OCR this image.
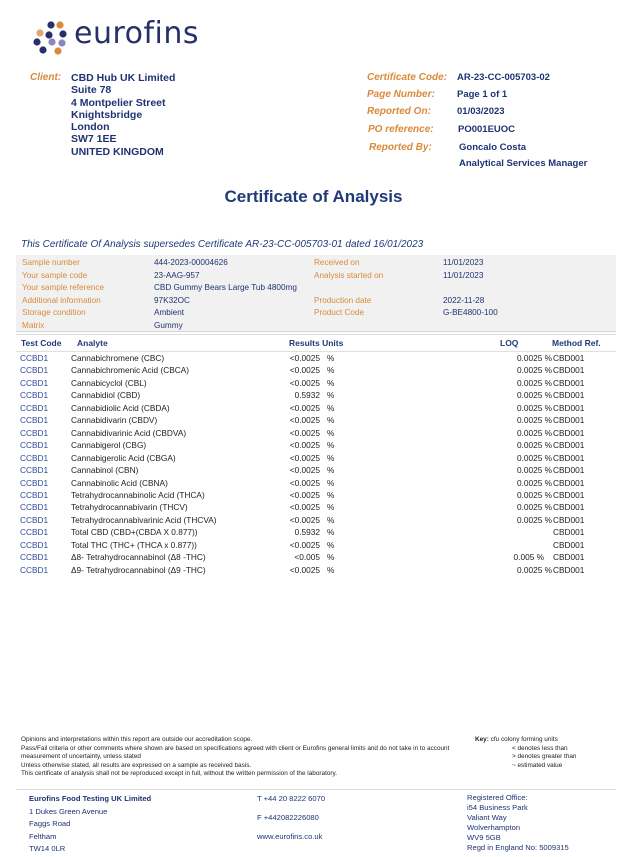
eurofins
Client: CBD Hub UK Limited
Suite 78
4 Montpelier Street
Knightsbridge
London
SW7 1EE
UNITED KINGDOM
Certificate Code: AR-23-CC-005703-02
Page Number: Page 1 of 1
Reported On:	01/03/2023
PO reference:	PO001EUOC
Reported By:	Goncalo Costa
Analytical Services Manager
Certificate of Analysis
This Certificate Of Analysis supersedes Certificate AR-23-CC-005703-01 dated 16/01/2023
Sample number	444-2023-00004626
Your sample code	23-AAG-957
Your sample reference	CBD Gummy Bears Large Tub 4800mg
Additional information	97K32OC
Storage condition	Ambient
Matrix	Gummy
Received on	11/01/2023
Analysis started on	11/01/2023
Production date	2022-11-28
Product Code	G-BE4800-100
Test Code Analyte	Results Units	LOQ	Method Ref.
CCBD1	Cannabichromene (CBC)	<0.0025 %	0.0025 % CBD001
CCBD1	Cannabichromenic Acid (CBCA)	<0.0025 %	0.0025 % CBD001
CCBD1	Cannabicyclol (CBL)	<0.0025 %	0.0025 % CBD001
CCBD1	Cannabidiol (CBD)	0.5932 %	0.0025 % CBD001
CCBD1	Cannabidiolic Acid (CBDA)	<0.0025 %	0.0025 % CBD001
CCBD1	Cannabidivarin (CBDV)	<0.0025 %	0.0025 % CBD001
CCBD1	Cannabidivarinic Acid (CBDVA)	<0.0025 %	0.0025 % CBD001
CCBD1	Cannabigerol (CBG)	<0.0025 %	0.0025 % CBD001
CCBD1	Cannabigerolic Acid (CBGA)	<0.0025 %	0.0025 % CBD001
CCBD1	Cannabinol (CBN)	<0.0025 %	0.0025 % CBD001
CCBD1	Cannabinolic Acid (CBNA)	<0.0025 %	0.0025 % CBD001
CCBD1	Tetrahydrocannabinolic Acid (THCA)	<0.0025 %	0.0025 % CBD001
CCBD1	Tetrahydrocannabivarin (THCV)	<0.0025 %	0.0025 % CBD001
CCBD1	Tetrahydrocannabivarinic Acid (THCVA)	<0.0025 %	0.0025 % CBD001
CCBD1	Total CBD (CBD+(CBDA X 0.877))	0.5932 %	CBD001
CCBD1	Total THC (THC+ (THCA x 0.877))	<0.0025 %	CBD001
CCBD1	Δ8- Tetrahydrocannabinol (Δ8 -THC)	<0.005 %	0.005 % CBD001
CCBD1	Δ9- Tetrahydrocannabinol (Δ9 -THC)	<0.0025 %	0.0025 % CBD001
Opinions and interpretations within this report are outside our accreditation scope.
Pass/Fail criteria or other comments where shown are based on specifications agreed with client or Eurofins general limits and do not take in to account measurement of uncertainty, unless stated
Unless otherwise stated, all results are expressed on a sample as received basis.
This certificate of analysis shall not be reproduced except in full, without the written permission of the laboratory.
Key: cfu colony forming units
< denotes less than
> denotes greater than
~ estimated value
Eurofins Food Testing UK Limited
1 Dukes Green Avenue
Faggs Road
Feltham
TW14 0LR
T +44 20 8222 6070
F +442082226080
www.eurofins.co.uk
Registered Office:
i54 Business Park
Valiant Way
Wolverhampton
WV9 5GB
Regd in England No: 5009315
